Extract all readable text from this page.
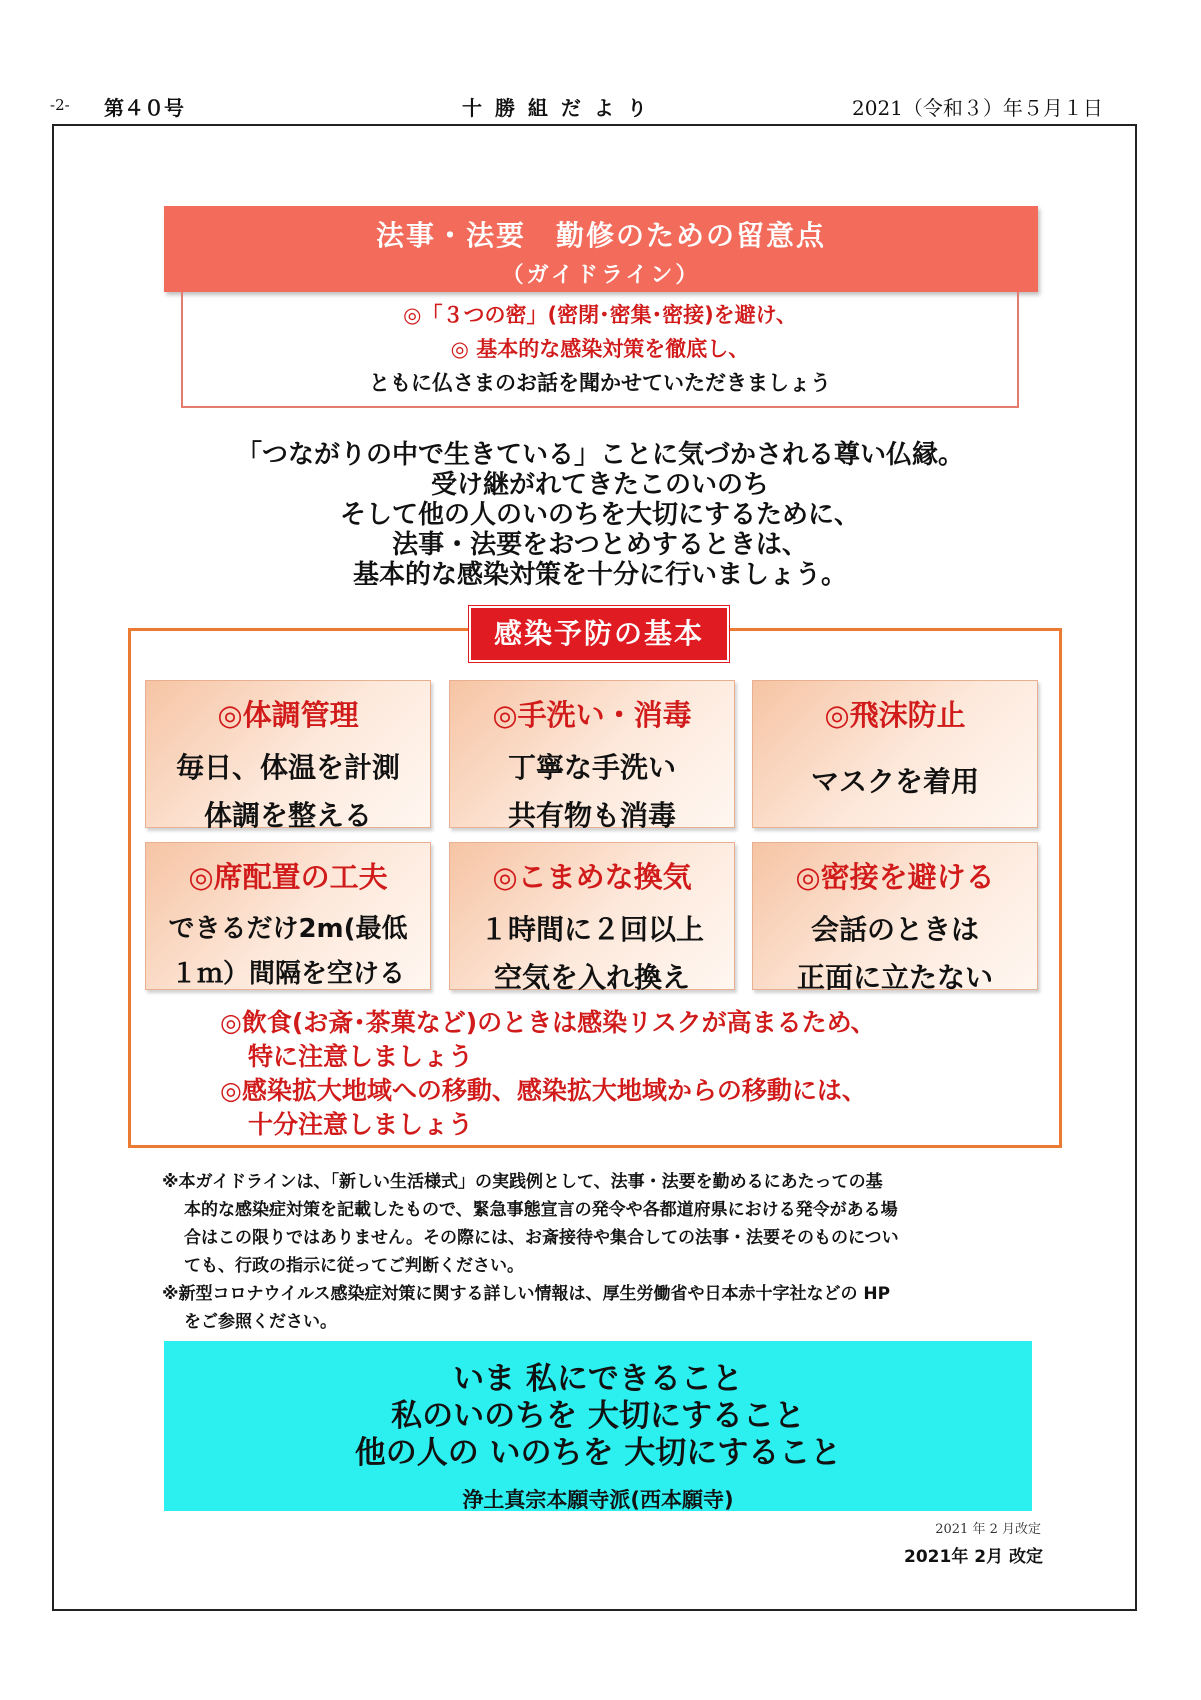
-2- 第４０号	十 勝 組 だ よ り	2021（令和３）年５月１日
法事・法要　勤修のための留意点
（ガイドライン）
◎「３つの密」(密閉･密集･密接)を避け、
◎ 基本的な感染対策を徹底し、
ともに仏さまのお話を聞かせていただきましょう
「つながりの中で生きている」ことに気づかされる尊い仏縁。
受け継がれてきたこのいのち
そして他の人のいのちを大切にするために、
法事・法要をおつとめするときは、
基本的な感染対策を十分に行いましょう。
感染予防の基本
◎体調管理
毎日、体温を計測
体調を整える
◎手洗い・消毒
丁寧な手洗い
共有物も消毒
◎飛沫防止
マスクを着用
◎席配置の工夫
できるだけ2m(最低
１ｍ）間隔を空ける
◎こまめな換気
１時間に２回以上
空気を入れ換え
◎密接を避ける
会話のときは
正面に立たない
◎飲食(お斎･茶菓など)のときは感染リスクが高まるため、
特に注意しましょう
◎感染拡大地域への移動、感染拡大地域からの移動には、
十分注意しましょう
※本ガイドラインは、「新しい生活様式」の実践例として、法事・法要を勤めるにあたっての基
本的な感染症対策を記載したもので、緊急事態宣言の発令や各都道府県における発令がある場
合はこの限りではありません。その際には、お斎接待や集合しての法事・法要そのものについ
ても、行政の指示に従ってご判断ください。
※新型コロナウイルス感染症対策に関する詳しい情報は、厚生労働省や日本赤十字社などの HP
をご参照ください。
いま 私にできること
私のいのちを 大切にすること
他の人の いのちを 大切にすること
浄土真宗本願寺派(西本願寺)
2021 年 2 月改定
2021年 2月 改定
